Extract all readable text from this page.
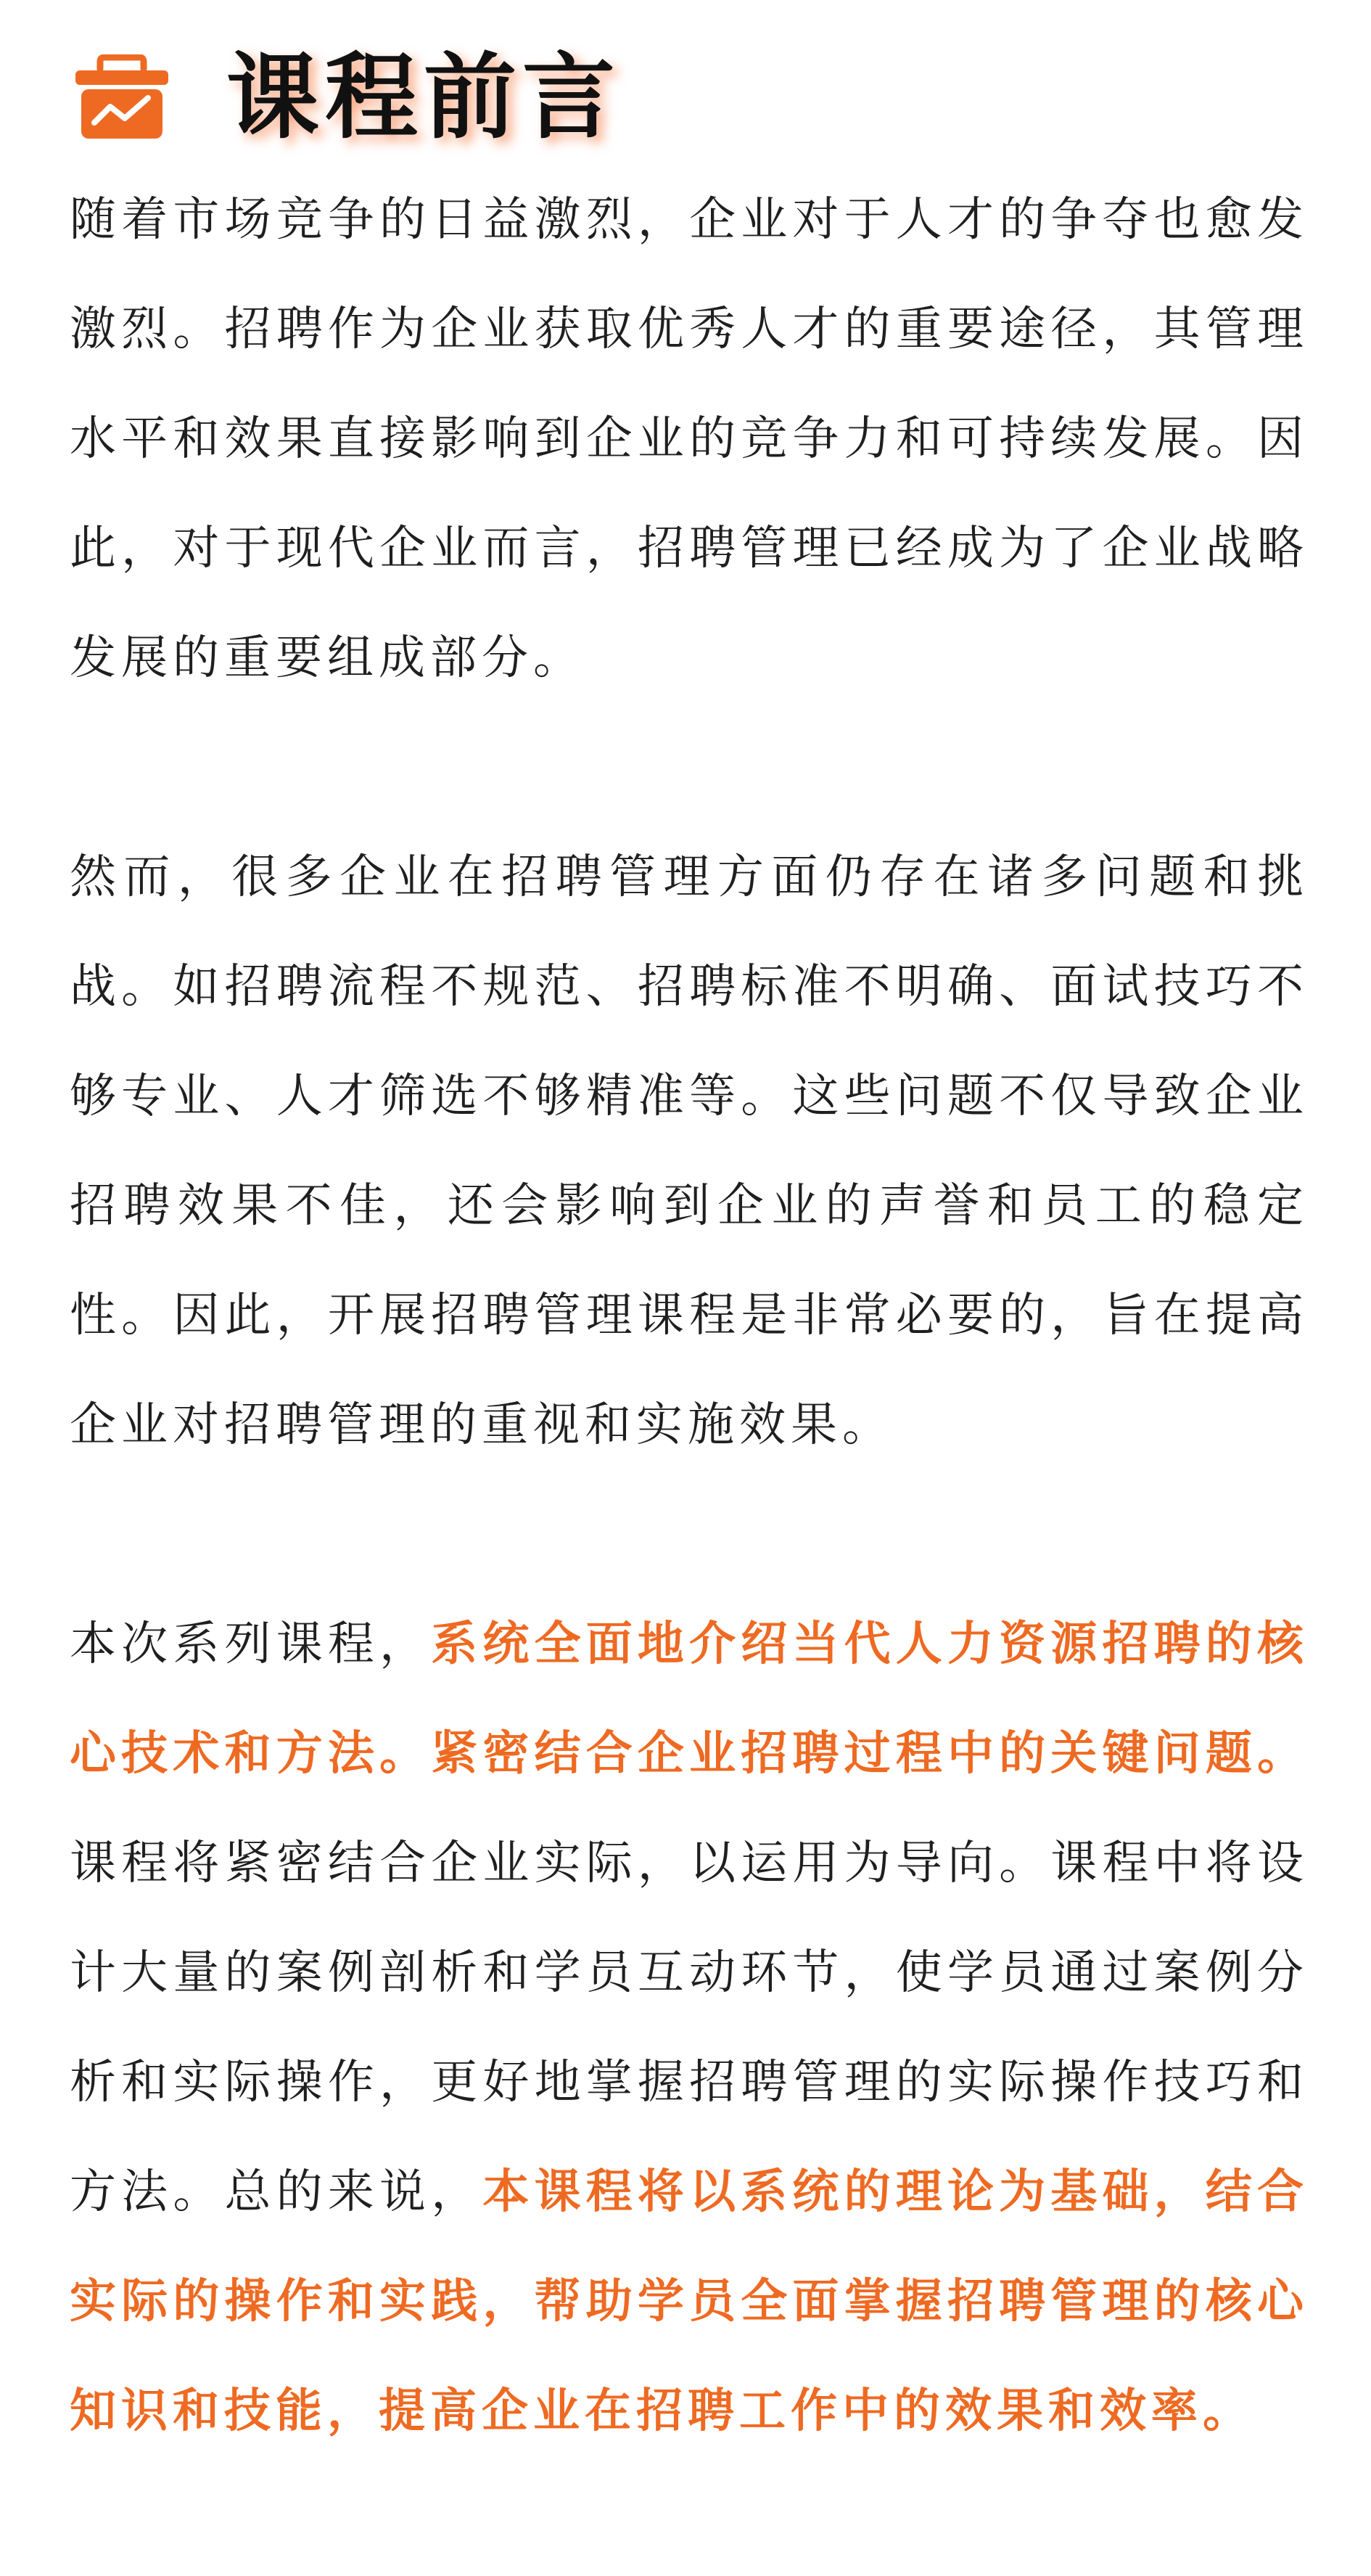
课程前言

随着市场竞争的日益激烈，企业对于人才的争夺也愈发激烈。招聘作为企业获取优秀人才的重要途径，其管理水平和效果直接影响到企业的竞争力和可持续发展。因此，对于现代企业而言，招聘管理已经成为了企业战略发展的重要组成部分。

然而，很多企业在招聘管理方面仍存在诸多问题和挑战。如招聘流程不规范、招聘标准不明确、面试技巧不够专业、人才筛选不够精准等。这些问题不仅导致企业招聘效果不佳，还会影响到企业的声誉和员工的稳定性。因此，开展招聘管理课程是非常必要的，旨在提高企业对招聘管理的重视和实施效果。

本次系列课程，系统全面地介绍当代人力资源招聘的核心技术和方法。紧密结合企业招聘过程中的关键问题。课程将紧密结合企业实际，以运用为导向。课程中将设计大量的案例剖析和学员互动环节，使学员通过案例分析和实际操作，更好地掌握招聘管理的实际操作技巧和方法。总的来说，本课程将以系统的理论为基础，结合实际的操作和实践，帮助学员全面掌握招聘管理的核心知识和技能，提高企业在招聘工作中的效果和效率。
